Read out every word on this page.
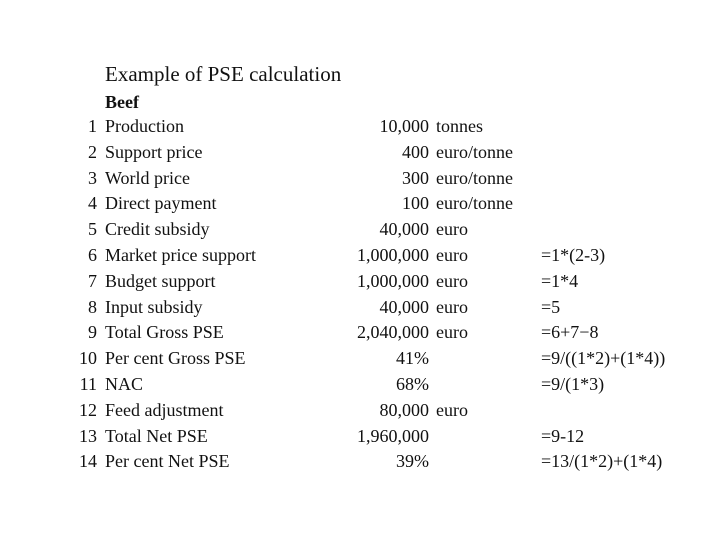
Example of PSE calculation
Beef
1 Production	10,000 tonnes
2 Support price	400 euro/tonne
3 World price	300 euro/tonne
4 Direct payment	100 euro/tonne
5 Credit subsidy	40,000 euro
6 Market price support	1,000,000 euro	=1*(2-3)
7 Budget support	1,000,000 euro	=1*4
8 Input subsidy	40,000 euro	=5
9 Total Gross PSE	2,040,000 euro	=6+7−8
10 Per cent Gross PSE	41%	=9/((1*2)+(1*4))
11 NAC	68%	=9/(1*3)
12 Feed adjustment	80,000 euro
13 Total Net PSE	1,960,000	=9-12
14 Per cent Net PSE	39%	=13/(1*2)+(1*4)
